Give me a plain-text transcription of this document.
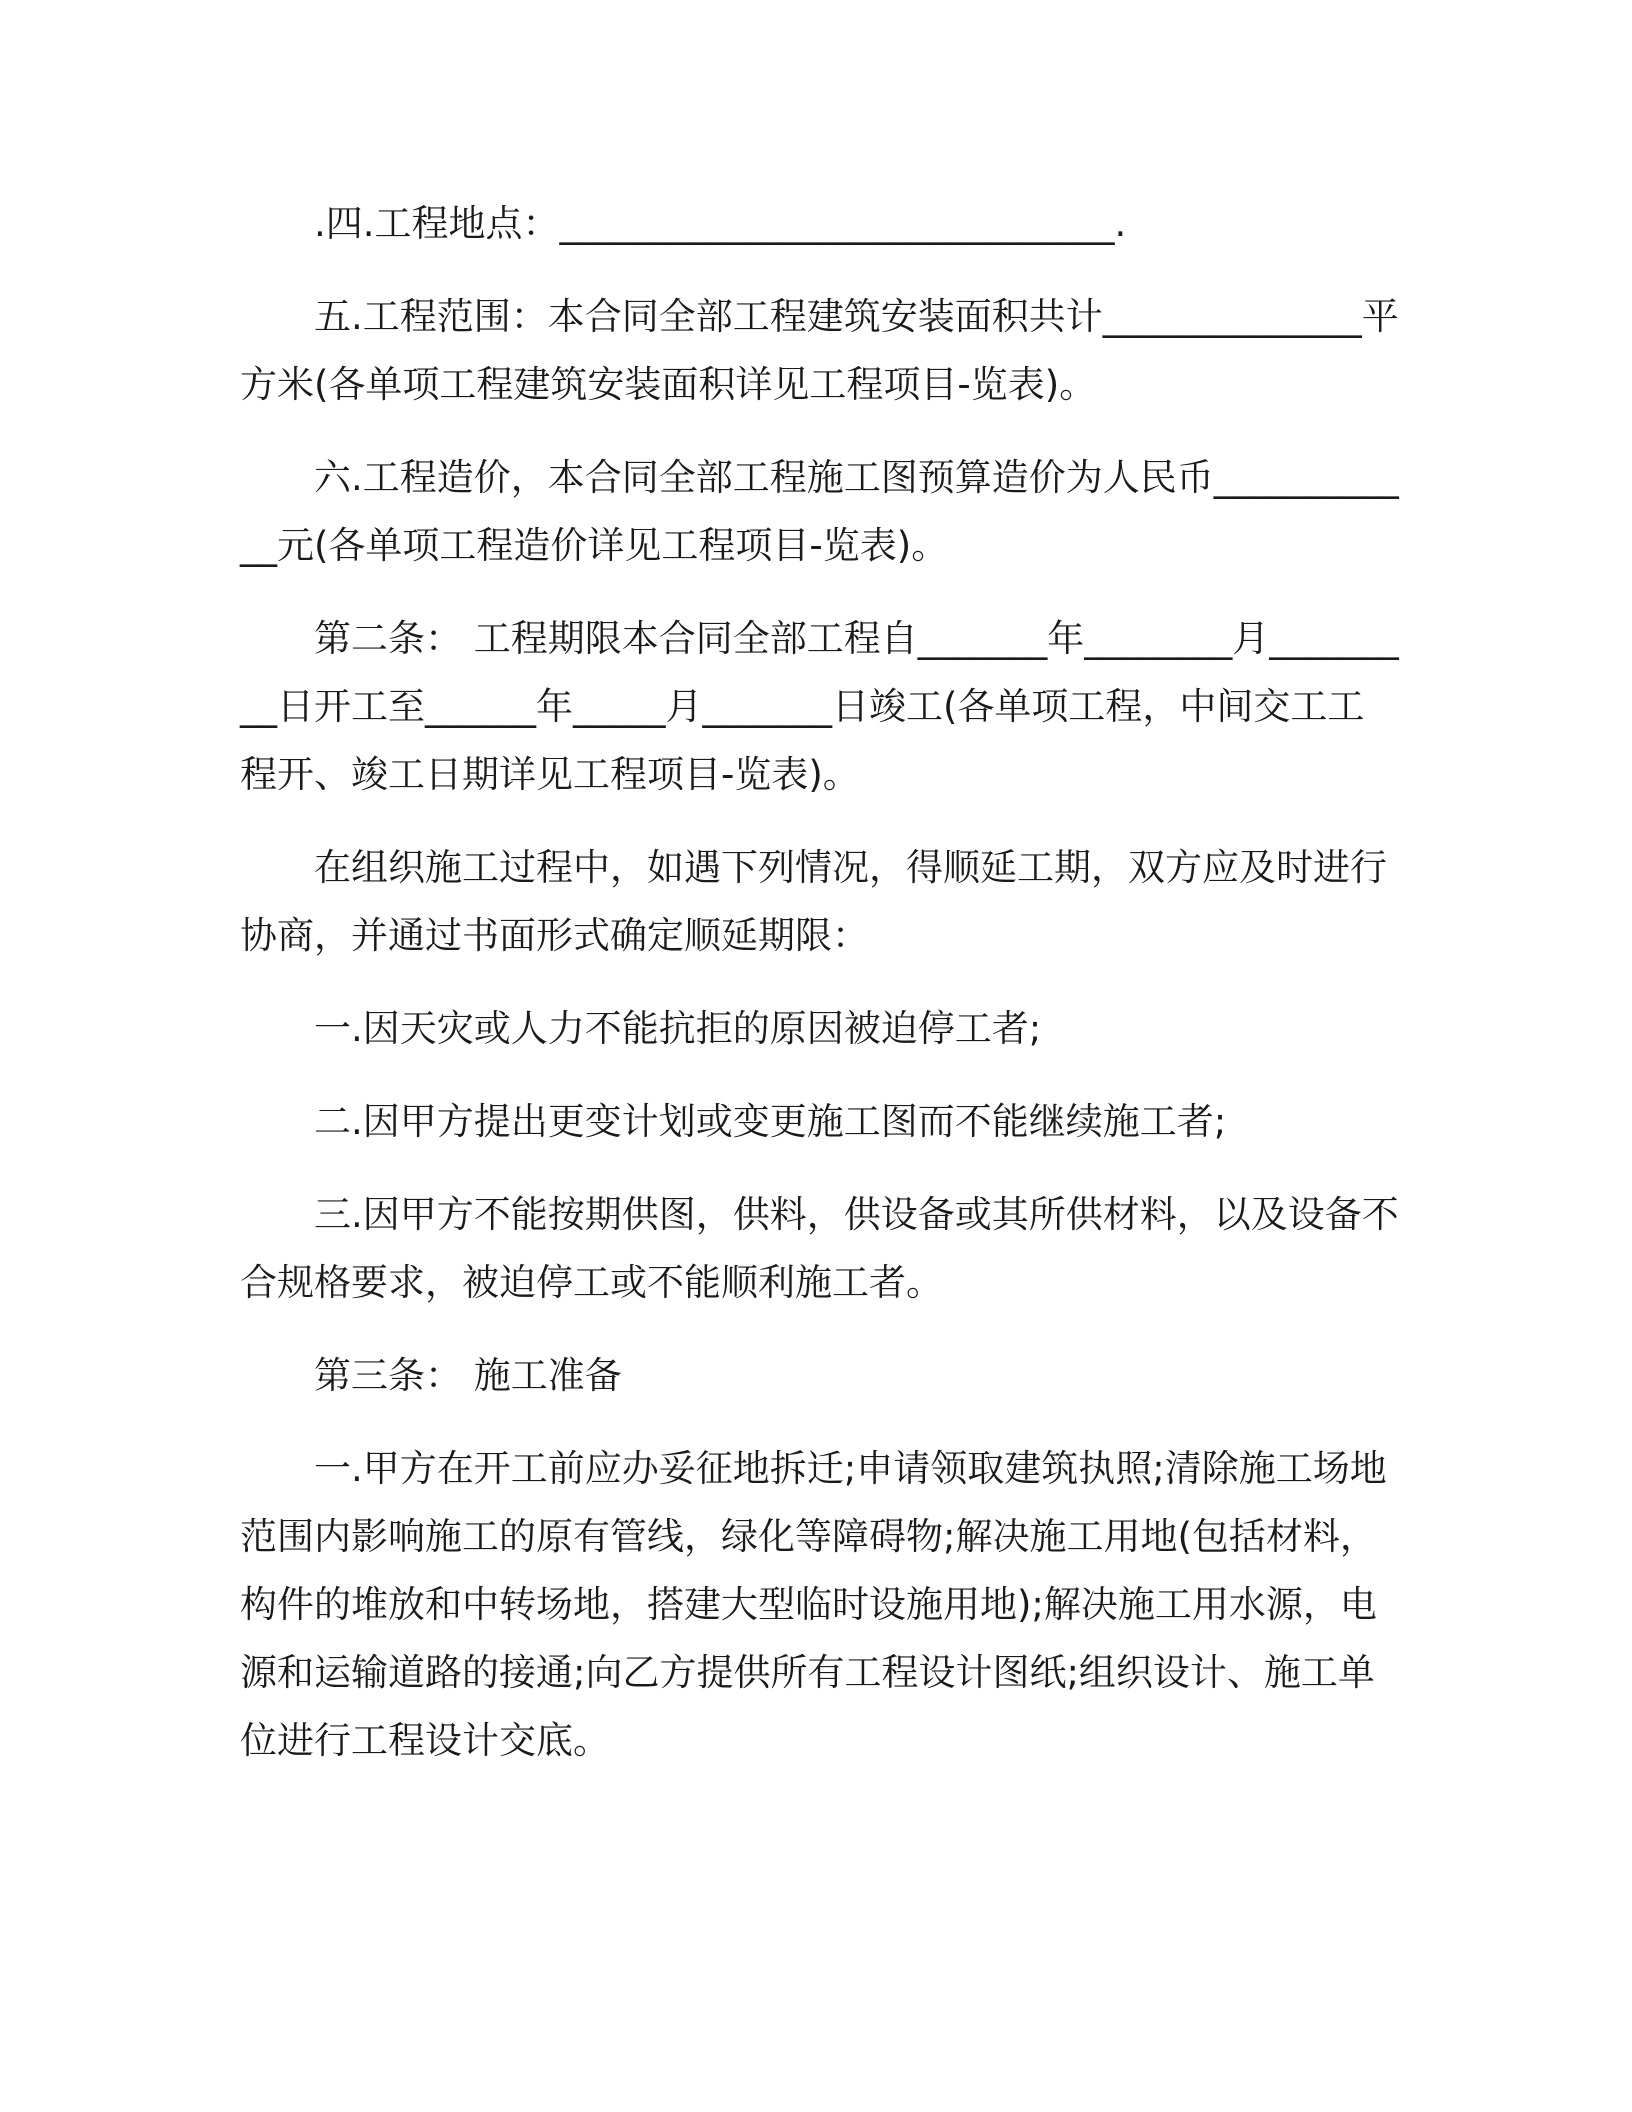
.四.工程地点：______________________________.

五.工程范围：本合同全部工程建筑安装面积共计______________平方米(各单项工程建筑安装面积详见工程项目-览表)。

六.工程造价，本合同全部工程施工图预算造价为人民币____________元(各单项工程造价详见工程项目-览表)。

第二条： 工程期限本合同全部工程自_______年________月_________日开工至______年_____月_______日竣工(各单项工程，中间交工工程开、竣工日期详见工程项目-览表)。

在组织施工过程中，如遇下列情况，得顺延工期，双方应及时进行协商，并通过书面形式确定顺延期限：

一.因天灾或人力不能抗拒的原因被迫停工者;

二.因甲方提出更变计划或变更施工图而不能继续施工者;

三.因甲方不能按期供图，供料，供设备或其所供材料，以及设备不合规格要求，被迫停工或不能顺利施工者。

第三条： 施工准备

一.甲方在开工前应办妥征地拆迁;申请领取建筑执照;清除施工场地范围内影响施工的原有管线，绿化等障碍物;解决施工用地(包括材料，构件的堆放和中转场地，搭建大型临时设施用地);解决施工用水源，电源和运输道路的接通;向乙方提供所有工程设计图纸;组织设计、施工单位进行工程设计交底。
